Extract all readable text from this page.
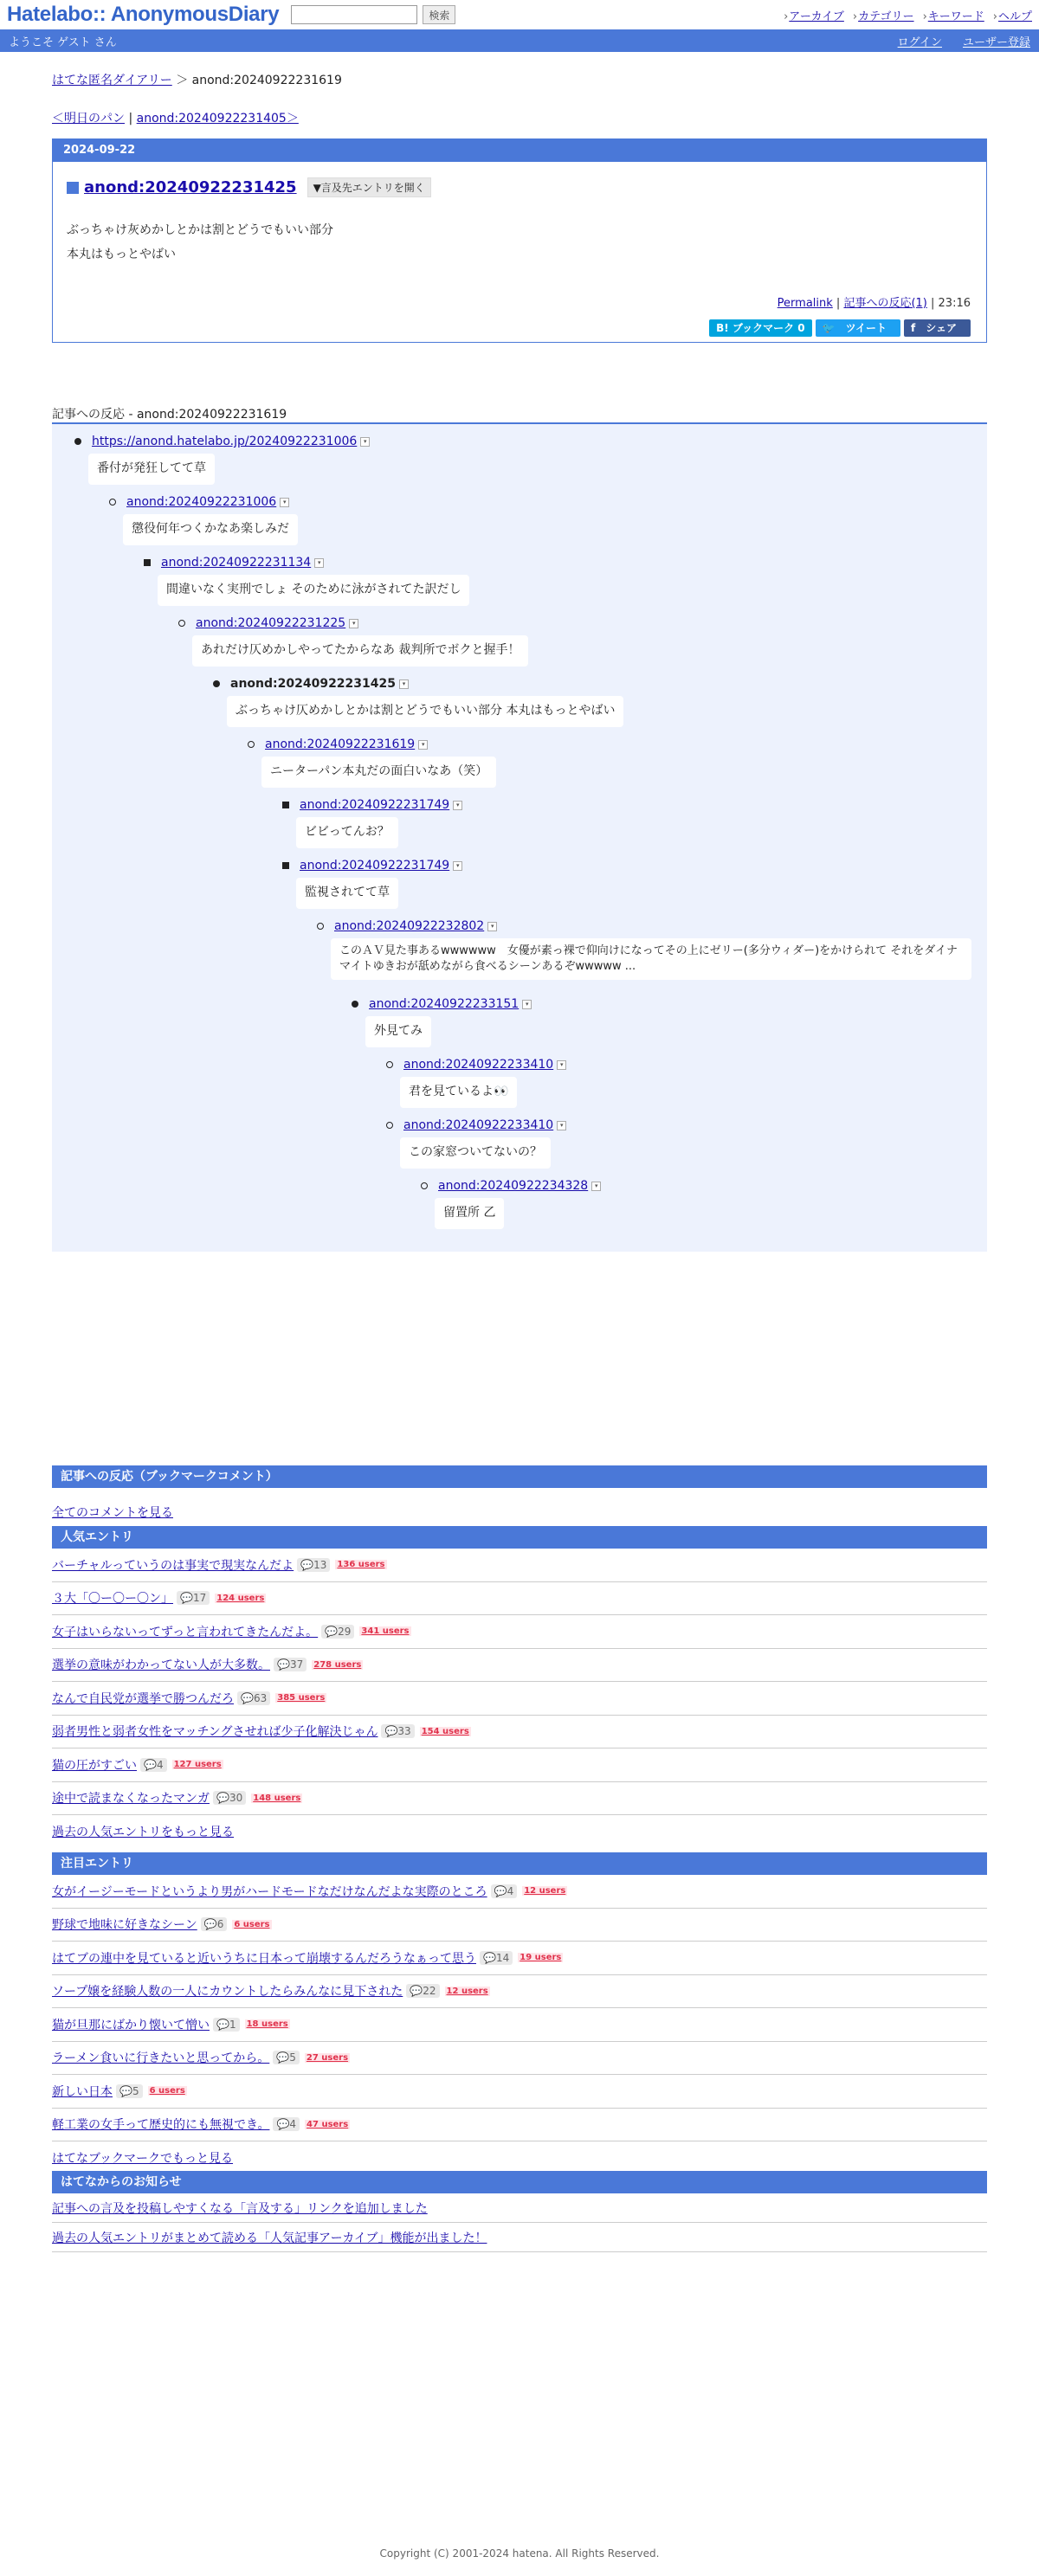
Hatelabo:: AnonymousDiary	検索	›アーカイブ ›カテゴリー ›キーワード ›ヘルプ
ようこそ ゲスト さん	ログイン ユーザー登録
はてな匿名ダイアリー ＞ anond:20240922231619
＜明日のパン | anond:20240922231405＞
2024-09-22
anond:20240922231425	▼言及先エントリを開く
ぶっちゃけ灰めかしとかは割とどうでもいい部分
本丸はもっとやばい
Permalink | 記事への反応(1) | 23:16
B! ブックマーク 0	🐦 ツイート	f シェア
記事への反応 - anond:20240922231619
https://anond.hatelabo.jp/20240922231006 ▾
番付が発狂してて草
anond:20240922231006 ▾
懲役何年つくかなあ楽しみだ
anond:20240922231134 ▾
間違いなく実刑でしょ そのために泳がされてた訳だし
anond:20240922231225 ▾
あれだけ仄めかしやってたからなあ 裁判所でボクと握手！
anond:20240922231425 ▾
ぶっちゃけ仄めかしとかは割とどうでもいい部分 本丸はもっとやばい
anond:20240922231619 ▾
ニーターパン本丸だの面白いなあ（笑）
anond:20240922231749 ▾
ビビってんお？
anond:20240922231749 ▾
監視されてて草
anond:20240922232802 ▾
このＡＶ見た事あるwwwwww　女優が素っ裸で仰向けになってその上にゼリー(多分ウィダー)をかけられて それをダイナマイトゆきおが舐めながら食べるシーンあるぞwwwww ...
anond:20240922233151 ▾
外見てみ
anond:20240922233410 ▾
君を見ているよ👀
anond:20240922233410 ▾
この家窓ついてないの？
anond:20240922234328 ▾
留置所 乙
記事への反応（ブックマークコメント）
全てのコメントを見る
人気エントリ
バーチャルっていうのは事実で現実なんだよ 💬 13 136 users
３大「〇ー〇ー〇ン」 💬 17 124 users
女子はいらないってずっと言われてきたんだよ。 💬 29 341 users
選挙の意味がわかってない人が大多数。 💬 37 278 users
なんで自民党が選挙で勝つんだろ 💬 63 385 users
弱者男性と弱者女性をマッチングさせれば少子化解決じゃん 💬 33 154 users
猫の圧がすごい 💬 4 127 users
途中で読まなくなったマンガ 💬 30 148 users
過去の人気エントリをもっと見る
注目エントリ
女がイージーモードというより男がハードモードなだけなんだよな実際のところ 💬 4 12 users
野球で地味に好きなシーン 💬 6 6 users
はてブの連中を見ていると近いうちに日本って崩壊するんだろうなぁって思う 💬 14 19 users
ソープ嬢を経験人数の一人にカウントしたらみんなに見下された 💬 22 12 users
猫が旦那にばかり懐いて憎い 💬 1 18 users
ラーメン食いに行きたいと思ってから。 💬 5 27 users
新しい日本 💬 5 6 users
軽工業の女手って歴史的にも無視でき。 💬 4 47 users
はてなブックマークでもっと見る
はてなからのお知らせ
記事への言及を投稿しやすくなる「言及する」リンクを追加しました
過去の人気エントリがまとめて読める「人気記事アーカイブ」機能が出ました！
Copyright (C) 2001-2024 hatena. All Rights Reserved.
